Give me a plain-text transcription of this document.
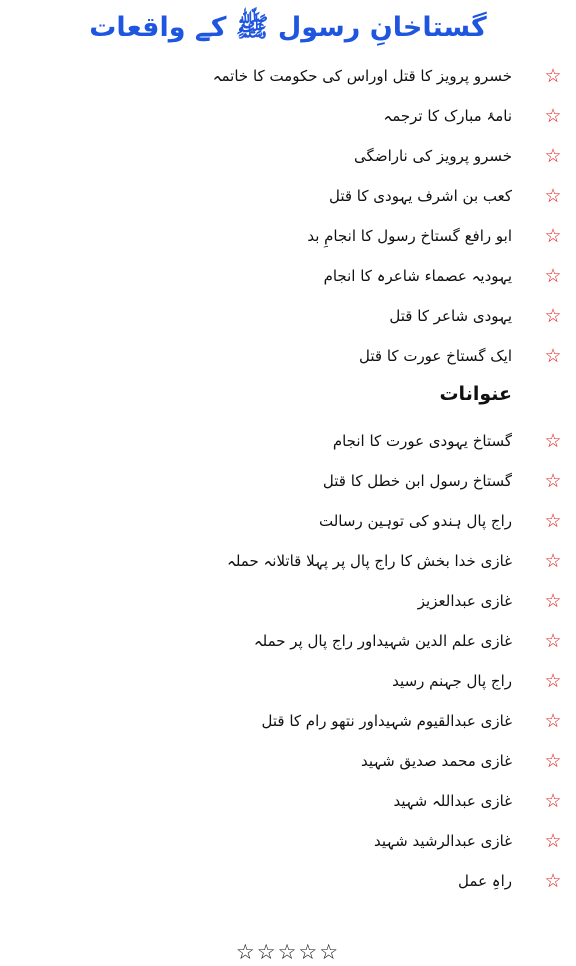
گستاخانِ رسول ﷺ کے واقعات
☆
خسرو پرویز کا قتل اوراس کی حکومت کا خاتمہ
☆
نامۂ مبارک کا ترجمہ
☆
خسرو پرویز کی ناراضگی
☆
کعب بن اشرف یہودی کا قتل
☆
ابو رافع گستاخ رسول کا انجامِ بد
☆
یہودیہ عصماء شاعرہ کا انجام
☆
یہودی شاعر کا قتل
☆
ایک گستاخ عورت کا قتل
عنوانات
☆
گستاخ یہودی عورت کا انجام
☆
گستاخ رسول ابن خطل کا قتل
☆
راج پال ہندو کی توہین رسالت
☆
غازی خدا بخش کا راج پال پر پہلا قاتلانہ حملہ
☆
غازی عبدالعزیز
☆
غازی علم الدین شہیداور راج پال پر حملہ
☆
راج پال جہنم رسید
☆
غازی عبدالقیوم شہیداور نتھو رام کا قتل
☆
غازی محمد صدیق شہید
☆
غازی عبداللہ شہید
☆
غازی عبدالرشید شہید
☆
راہِ عمل
☆☆☆☆☆
